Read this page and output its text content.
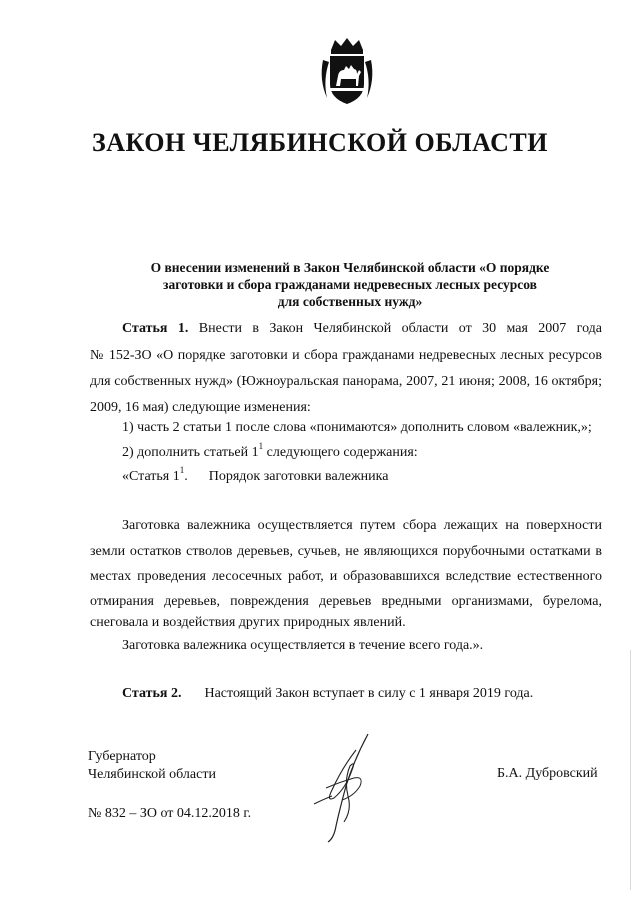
ЗАКОН ЧЕЛЯБИНСКОЙ ОБЛАСТИ
О внесении изменений в Закон Челябинской области «О порядке
заготовки и сбора гражданами недревесных лесных ресурсов
для собственных нужд»
Статья 1. Внести в Закон Челябинской области от 30 мая 2007 года
№ 152-ЗО «О порядке заготовки и сбора гражданами недревесных лесных ресурсов
для собственных нужд» (Южноуральская панорама, 2007, 21 июня; 2008, 16 октября;
2009, 16 мая) следующие изменения:
1) часть 2 статьи 1 после слова «понимаются» дополнить словом «валежник,»;
2) дополнить статьей $1^1$ следующего содержания:
«Статья $1^1$. Порядок заготовки валежника
Заготовка валежника осуществляется путем сбора лежащих на поверхности
земли остатков стволов деревьев, сучьев, не являющихся порубочными остатками в
местах проведения лесосечных работ, и образовавшихся вследствие естественного
отмирания деревьев, повреждения деревьев вредными организмами, буреломa,
снеговала и воздействия других природных явлений.
Заготовка валежника осуществляется в течение всего года.».
Статья 2. Настоящий Закон вступает в силу с 1 января 2019 года.
Губернатор
Челябинской области	Б.А. Дубровский
№ 832 – ЗО от 04.12.2018 г.
